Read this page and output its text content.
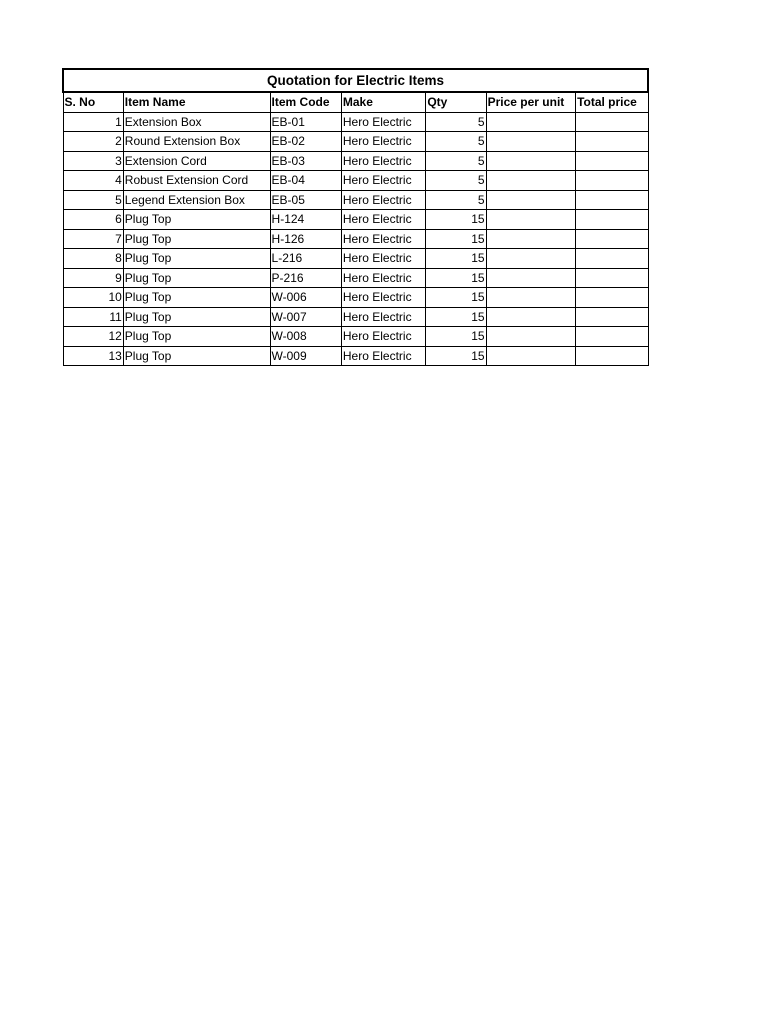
Quotation for Electric Items						
S. No	Item Name	Item Code	Make	Qty	Price per unit	Total price
1	Extension Box	EB-01	Hero Electric	5		
2	Round Extension Box	EB-02	Hero Electric	5		
3	Extension Cord	EB-03	Hero Electric	5		
4	Robust Extension Cord	EB-04	Hero Electric	5		
5	Legend Extension Box	EB-05	Hero Electric	5		
6	Plug Top	H-124	Hero Electric	15		
7	Plug Top	H-126	Hero Electric	15		
8	Plug Top	L-216	Hero Electric	15		
9	Plug Top	P-216	Hero Electric	15		
10	Plug Top	W-006	Hero Electric	15		
11	Plug Top	W-007	Hero Electric	15		
12	Plug Top	W-008	Hero Electric	15		
13	Plug Top	W-009	Hero Electric	15		
